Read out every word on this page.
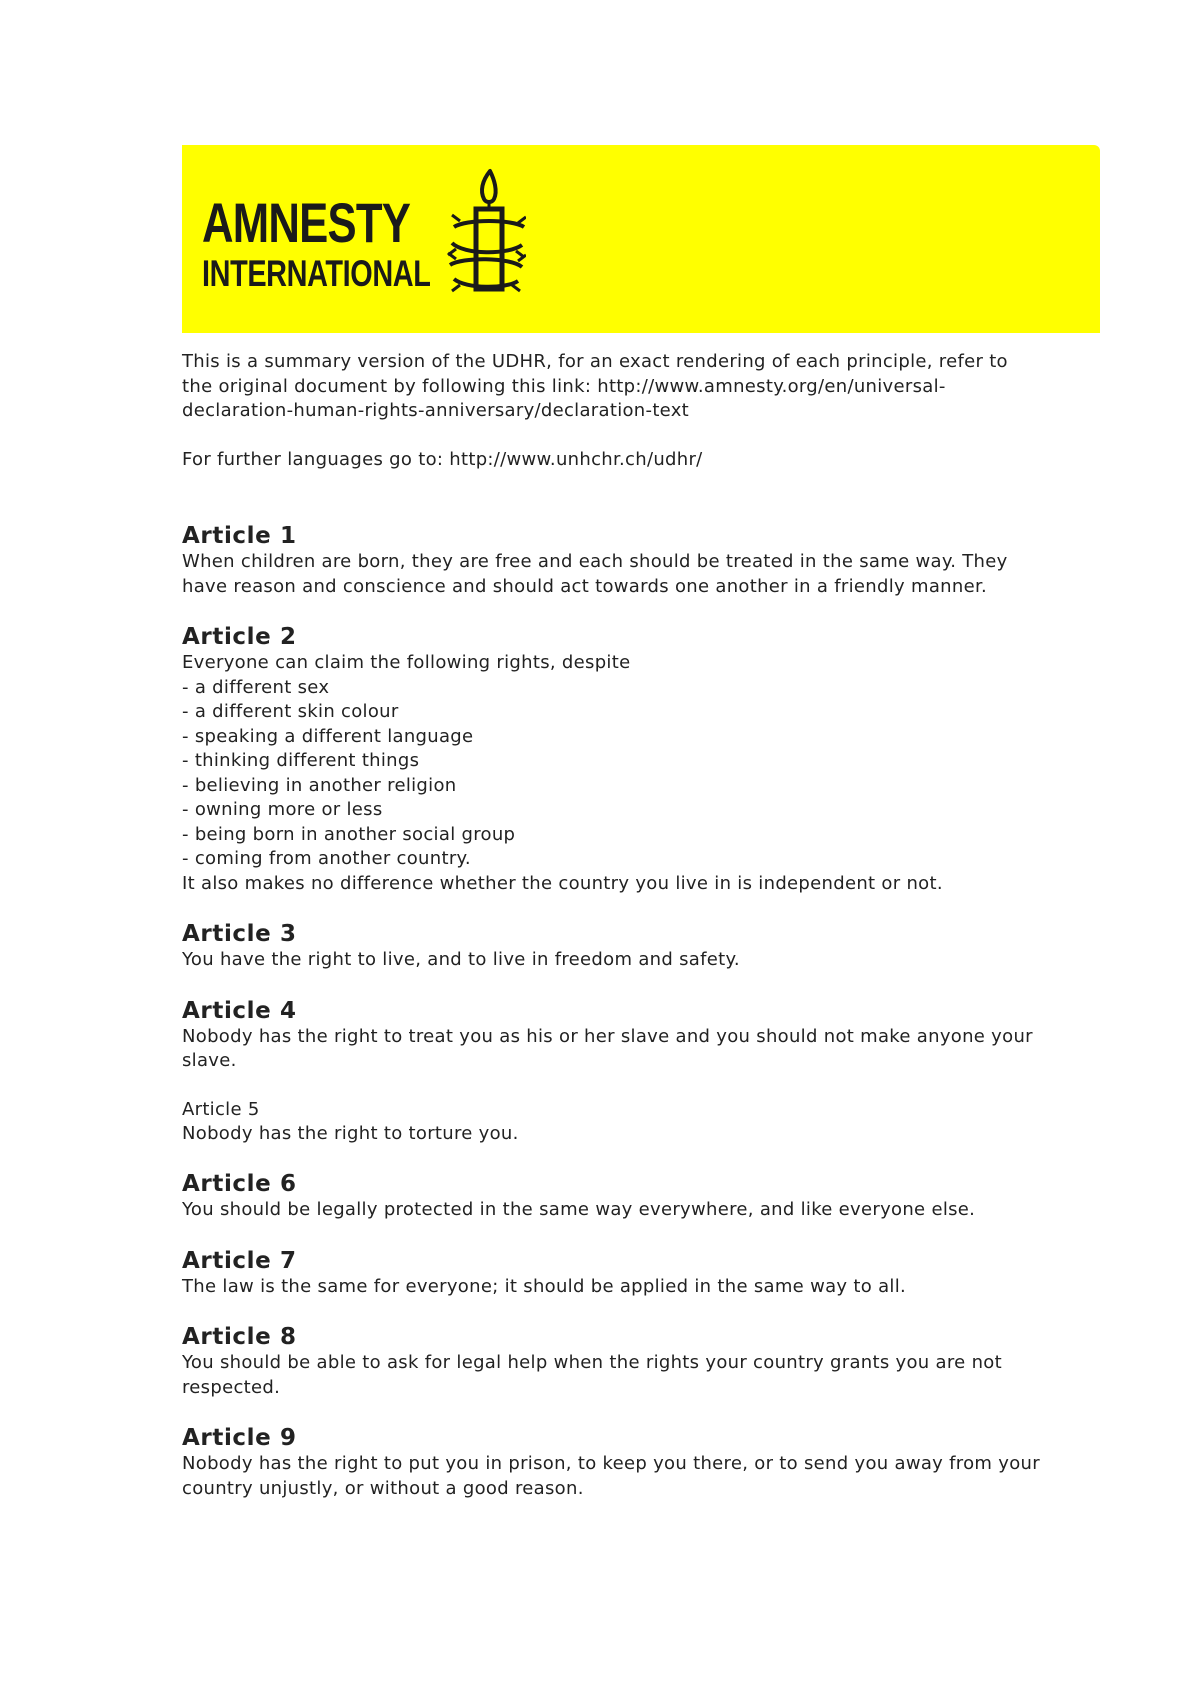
AMNESTY
INTERNATIONAL

This is a summary version of the UDHR, for an exact rendering of each principle, refer to the original document by following this link: http://www.amnesty.org/en/universal-declaration-human-rights-anniversary/declaration-text

For further languages go to: http://www.unhchr.ch/udhr/

Article 1

When children are born, they are free and each should be treated in the same way. They have reason and conscience and should act towards one another in a friendly manner.

Article 2

Everyone can claim the following rights, despite

- a different sex
- a different skin colour
- speaking a different language
- thinking different things
- believing in another religion
- owning more or less
- being born in another social group
- coming from another country.

It also makes no difference whether the country you live in is independent or not.

Article 3

You have the right to live, and to live in freedom and safety.

Article 4

Nobody has the right to treat you as his or her slave and you should not make anyone your slave.

Article 5

Nobody has the right to torture you.

Article 6

You should be legally protected in the same way everywhere, and like everyone else.

Article 7

The law is the same for everyone; it should be applied in the same way to all.

Article 8

You should be able to ask for legal help when the rights your country grants you are not respected.

Article 9

Nobody has the right to put you in prison, to keep you there, or to send you away from your country unjustly, or without a good reason.
